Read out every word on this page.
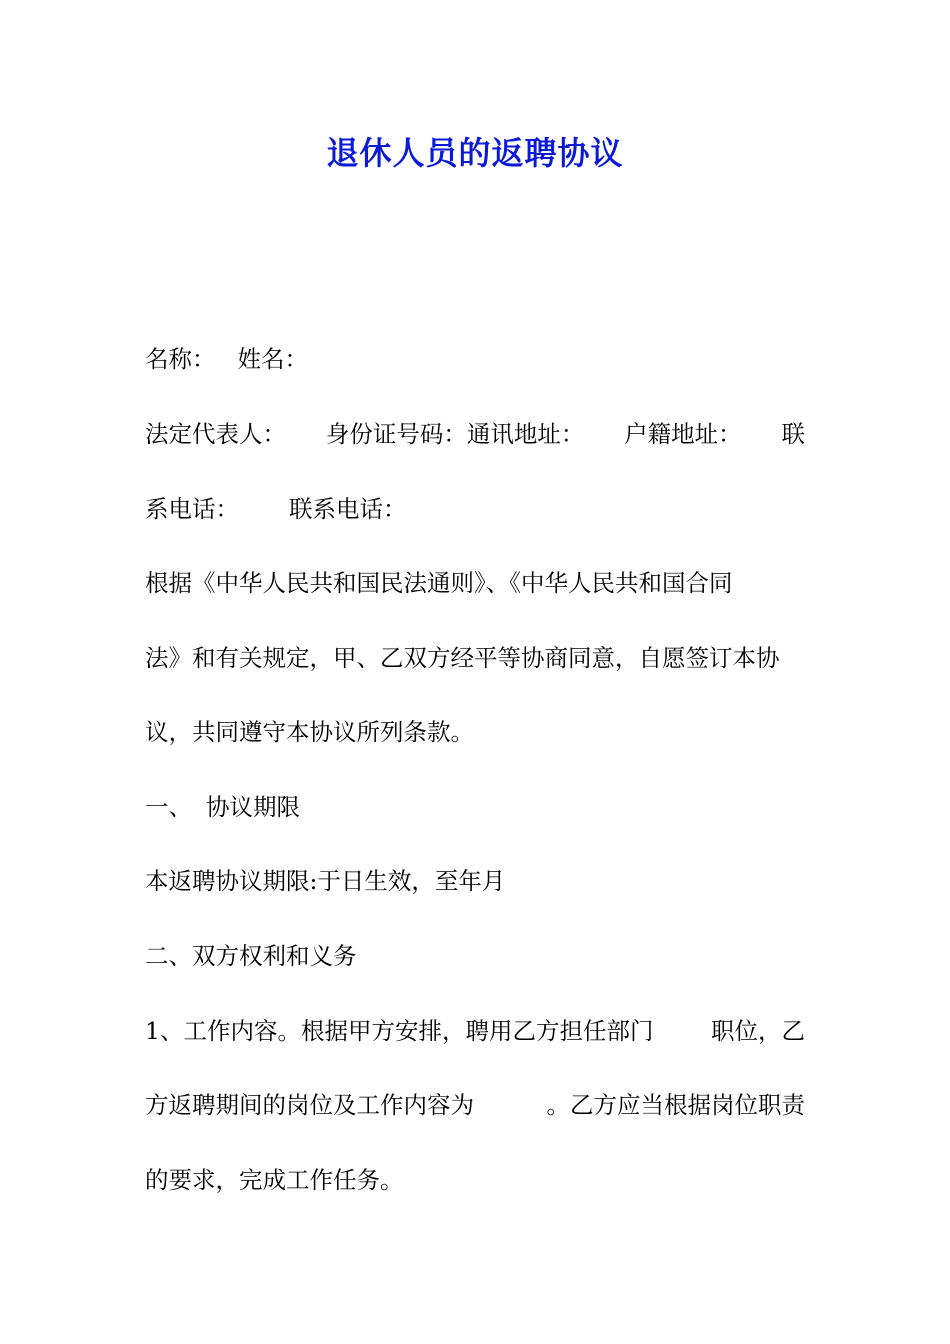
退休人员的返聘协议
名称： 姓名：
法定代表人： 身份证号码：通讯地址： 户籍地址： 联
系电话： 联系电话：
根据《中华人民共和国民法通则》、《中华人民共和国合同
法》和有关规定，甲、乙双方经平等协商同意，自愿签订本协
议，共同遵守本协议所列条款。
一、 协议期限
本返聘协议期限:于日生效，至年月
二、双方权利和义务
1、工作内容。根据甲方安排，聘用乙方担任部门 职位，乙
方返聘期间的岗位及工作内容为	。乙方应当根据岗位职责
的要求，完成工作任务。
